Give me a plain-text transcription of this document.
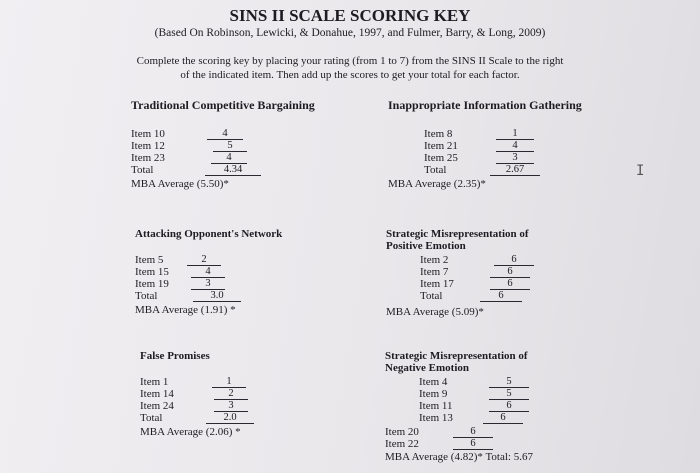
SINS II SCALE SCORING KEY
(Based On Robinson, Lewicki, & Donahue, 1997, and Fulmer, Barry, & Long, 2009)
Complete the scoring key by placing your rating (from 1 to 7) from the SINS II Scale to the right
of the indicated item. Then add up the scores to get your total for each factor.
Traditional Competitive Bargaining
Item 10	4
Item 12	5
Item 23	4
Total	4.34
MBA Average (5.50)*
Inappropriate Information Gathering
Item 8	1
Item 21	4
Item 25	3
Total	2.67
MBA Average (2.35)*
I
Attacking Opponent's Network
Item 5	2
Item 15	4
Item 19	3
Total	3.0
MBA Average (1.91) *
Strategic Misrepresentation of
Positive Emotion
Item 2	6
Item 7	6
Item 17	6
Total	6
MBA Average (5.09)*
False Promises
Item 1	1
Item 14	2
Item 24	3
Total	2.0
MBA Average (2.06) *
Strategic Misrepresentation of
Negative Emotion
Item 4	5
Item 9	5
Item 11	6
Item 13	6
Item 20	6
Item 22	6
MBA Average (4.82)* Total: 5.67
